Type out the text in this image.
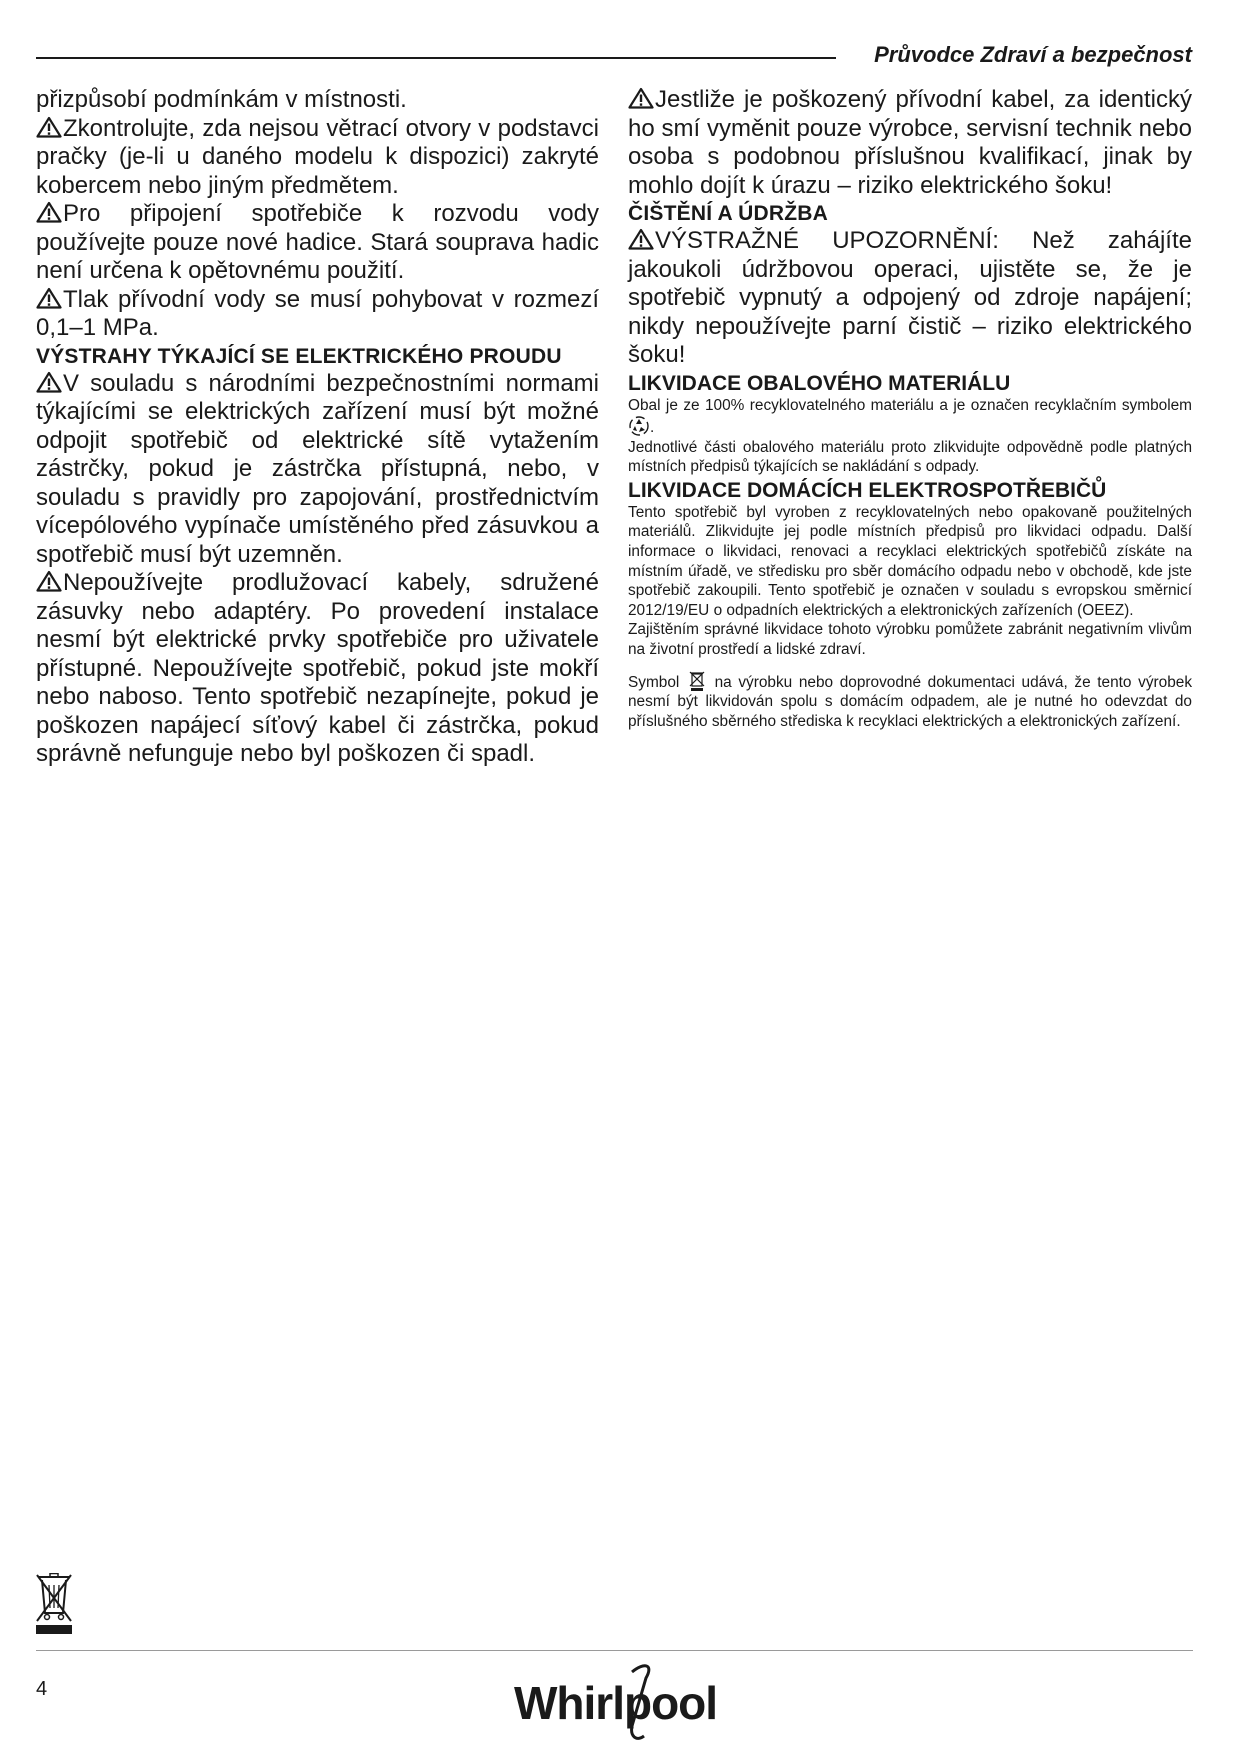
Průvodce Zdraví a bezpečnost

přizpůsobí podmínkám v místnosti.

Zkontrolujte, zda nejsou větrací otvory v podstavci pračky (je-li u daného modelu k dispozici) zakryté kobercem nebo jiným předmětem.

Pro připojení spotřebiče k rozvodu vody používejte pouze nové hadice. Stará souprava hadic není určena k opětovnému použití.

Tlak přívodní vody se musí pohybovat v rozmezí 0,1–1 MPa.

VÝSTRAHY TÝKAJÍCÍ SE ELEKTRICKÉHO PROUDU

V souladu s národními bezpečnostními normami týkajícími se elektrických zařízení musí být možné odpojit spotřebič od elektrické sítě vytažením zástrčky, pokud je zástrčka přístupná, nebo, v souladu s pravidly pro zapojování, prostřednictvím vícepólového vypínače umístěného před zásuvkou a spotřebič musí být uzemněn.

Nepoužívejte prodlužovací kabely, sdružené zásuvky nebo adaptéry. Po provedení instalace nesmí být elektrické prvky spotřebiče pro uživatele přístupné. Nepoužívejte spotřebič, pokud jste mokří nebo naboso. Tento spotřebič nezapínejte, pokud je poškozen napájecí síťový kabel či zástrčka, pokud správně nefunguje nebo byl poškozen či spadl.

Jestliže je poškozený přívodní kabel, za identický ho smí vyměnit pouze výrobce, servisní technik nebo osoba s podobnou příslušnou kvalifikací, jinak by mohlo dojít k úrazu – riziko elektrického šoku!

ČIŠTĚNÍ A ÚDRŽBA

VÝSTRAŽNÉ UPOZORNĚNÍ: Než zahájíte jakoukoli údržbovou operaci, ujistěte se, že je spotřebič vypnutý a odpojený od zdroje napájení; nikdy nepoužívejte parní čistič – riziko elektrického šoku!

LIKVIDACE OBALOVÉHO MATERIÁLU

Obal je ze 100% recyklovatelného materiálu a je označen recyklačním symbolem
.

Jednotlivé části obalového materiálu proto zlikvidujte odpovědně podle platných místních předpisů týkajících se nakládání s odpady.

LIKVIDACE DOMÁCÍCH ELEKTROSPOTŘEBIČŮ

Tento spotřebič byl vyroben z recyklovatelných nebo opakovaně použitelných materiálů. Zlikvidujte jej podle místních předpisů pro likvidaci odpadu. Další informace o likvidaci, renovaci a recyklaci elektrických spotřebičů získáte na místním úřadě, ve středisku pro sběr domácího odpadu nebo v obchodě, kde jste spotřebič zakoupili. Tento spotřebič je označen v souladu s evropskou směrnicí 2012/19/EU o odpadních elektrických a elektronických zařízeních (OEEZ).

Zajištěním správné likvidace tohoto výrobku pomůžete zabránit negativním vlivům na životní prostředí a lidské zdraví.

Symbol na výrobku nebo doprovodné dokumentaci udává, že tento výrobek nesmí být likvidován spolu s domácím odpadem, ale je nutné ho odevzdat do příslušného sběrného střediska k recyklaci elektrických a elektronických zařízení.

4	Whirlpool
